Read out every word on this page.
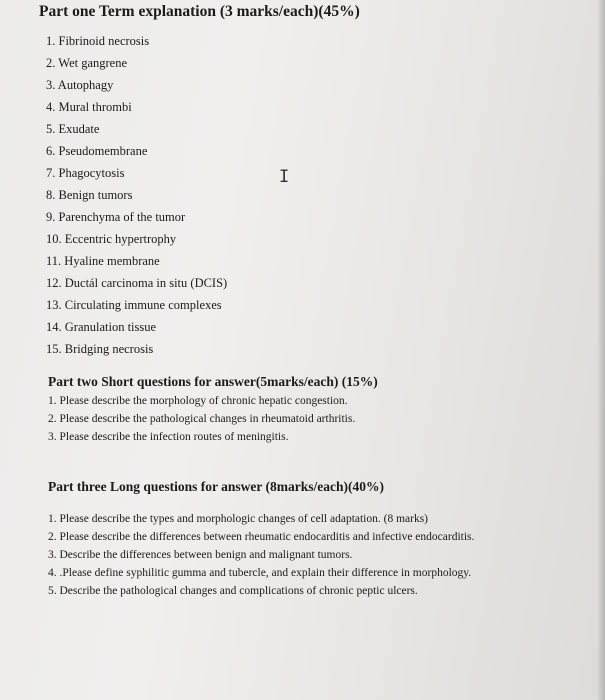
Part one Term explanation (3 marks/each)(45%)
1. Fibrinoid necrosis
2. Wet gangrene
3. Autophagy
4. Mural thrombi
5. Exudate
6. Pseudomembrane
7. Phagocytosis
8. Benign tumors
9. Parenchyma of the tumor
10. Eccentric hypertrophy
11. Hyaline membrane
12. Ductál carcinoma in situ (DCIS)
13. Circulating immune complexes
14. Granulation tissue
15. Bridging necrosis
I
Part two Short questions for answer(5marks/each) (15%)
1. Please describe the morphology of chronic hepatic congestion.
2. Please describe the pathological changes in rheumatoid arthritis.
3. Please describe the infection routes of meningitis.
Part three Long questions for answer (8marks/each)(40%)
1. Please describe the types and morphologic changes of cell adaptation. (8 marks)
2. Please describe the differences between rheumatic endocarditis and infective endocarditis.
3. Describe the differences between benign and malignant tumors.
4. .Please define syphilitic gumma and tubercle, and explain their difference in morphology.
5. Describe the pathological changes and complications of chronic peptic ulcers.
